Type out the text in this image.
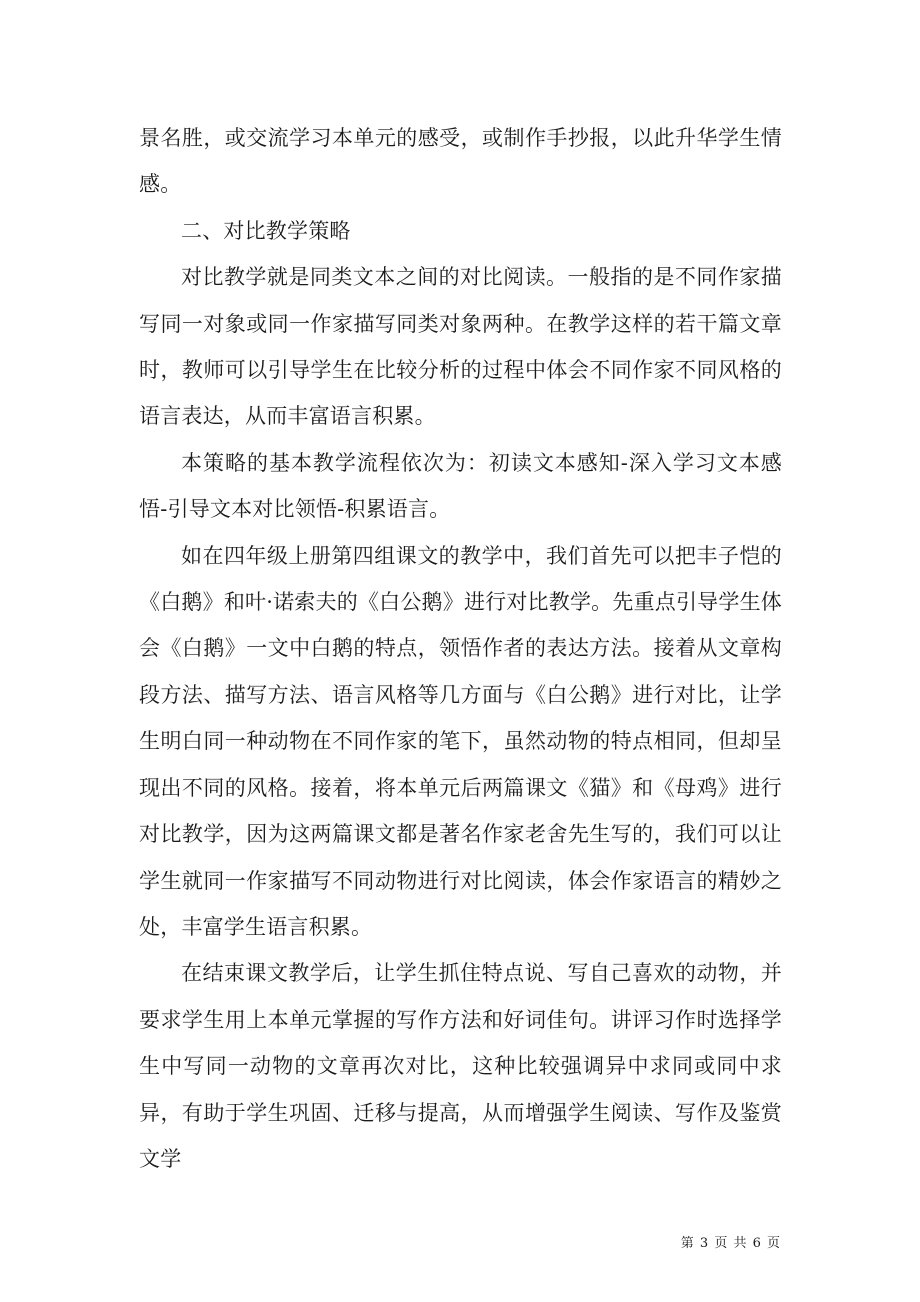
景名胜，或交流学习本单元的感受，或制作手抄报，以此升华学生情感。

二、对比教学策略

对比教学就是同类文本之间的对比阅读。一般指的是不同作家描写同一对象或同一作家描写同类对象两种。在教学这样的若干篇文章时，教师可以引导学生在比较分析的过程中体会不同作家不同风格的语言表达，从而丰富语言积累。

本策略的基本教学流程依次为：初读文本感知-深入学习文本感悟-引导文本对比领悟-积累语言。

如在四年级上册第四组课文的教学中，我们首先可以把丰子恺的《白鹅》和叶·诺索夫的《白公鹅》进行对比教学。先重点引导学生体会《白鹅》一文中白鹅的特点，领悟作者的表达方法。接着从文章构段方法、描写方法、语言风格等几方面与《白公鹅》进行对比，让学生明白同一种动物在不同作家的笔下，虽然动物的特点相同，但却呈现出不同的风格。接着，将本单元后两篇课文《猫》和《母鸡》进行对比教学，因为这两篇课文都是著名作家老舍先生写的，我们可以让学生就同一作家描写不同动物进行对比阅读，体会作家语言的精妙之处，丰富学生语言积累。

在结束课文教学后，让学生抓住特点说、写自己喜欢的动物，并要求学生用上本单元掌握的写作方法和好词佳句。讲评习作时选择学生中写同一动物的文章再次对比，这种比较强调异中求同或同中求异，有助于学生巩固、迁移与提高，从而增强学生阅读、写作及鉴赏文学

第 3 页 共 6 页
